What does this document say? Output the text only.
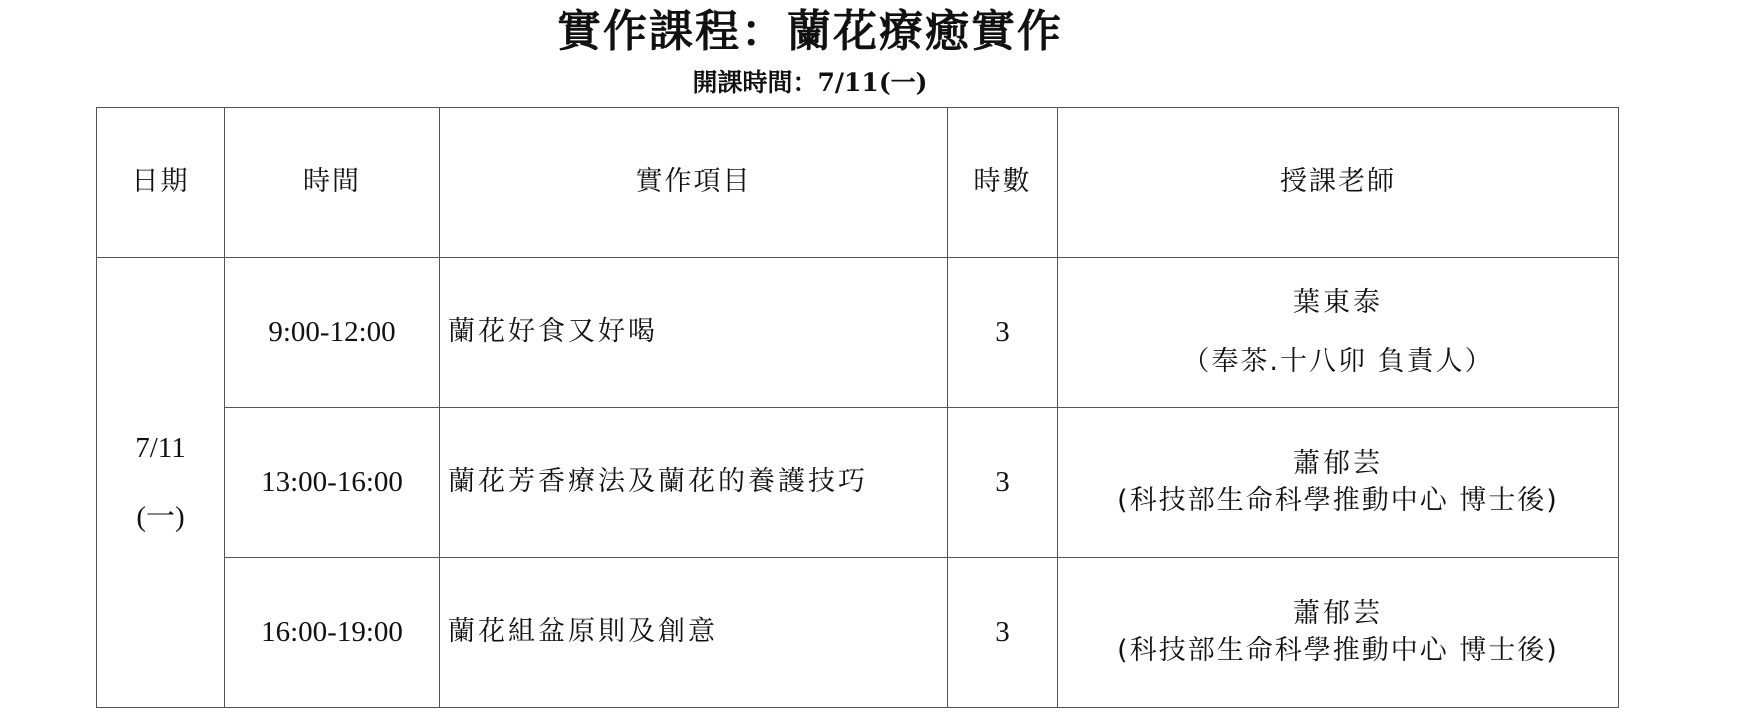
實作課程：蘭花療癒實作
開課時間：7/11(一)
日期	時間	實作項目	時數	授課老師

7/11
(一)	9:00-12:00	蘭花好食又好喝	3	葉東泰
（奉茶.十八卯 負責人）

	13:00-16:00	蘭花芳香療法及蘭花的養護技巧	3	蕭郁芸
(科技部生命科學推動中心 博士後)

	16:00-19:00	蘭花組盆原則及創意	3	蕭郁芸
(科技部生命科學推動中心 博士後)
